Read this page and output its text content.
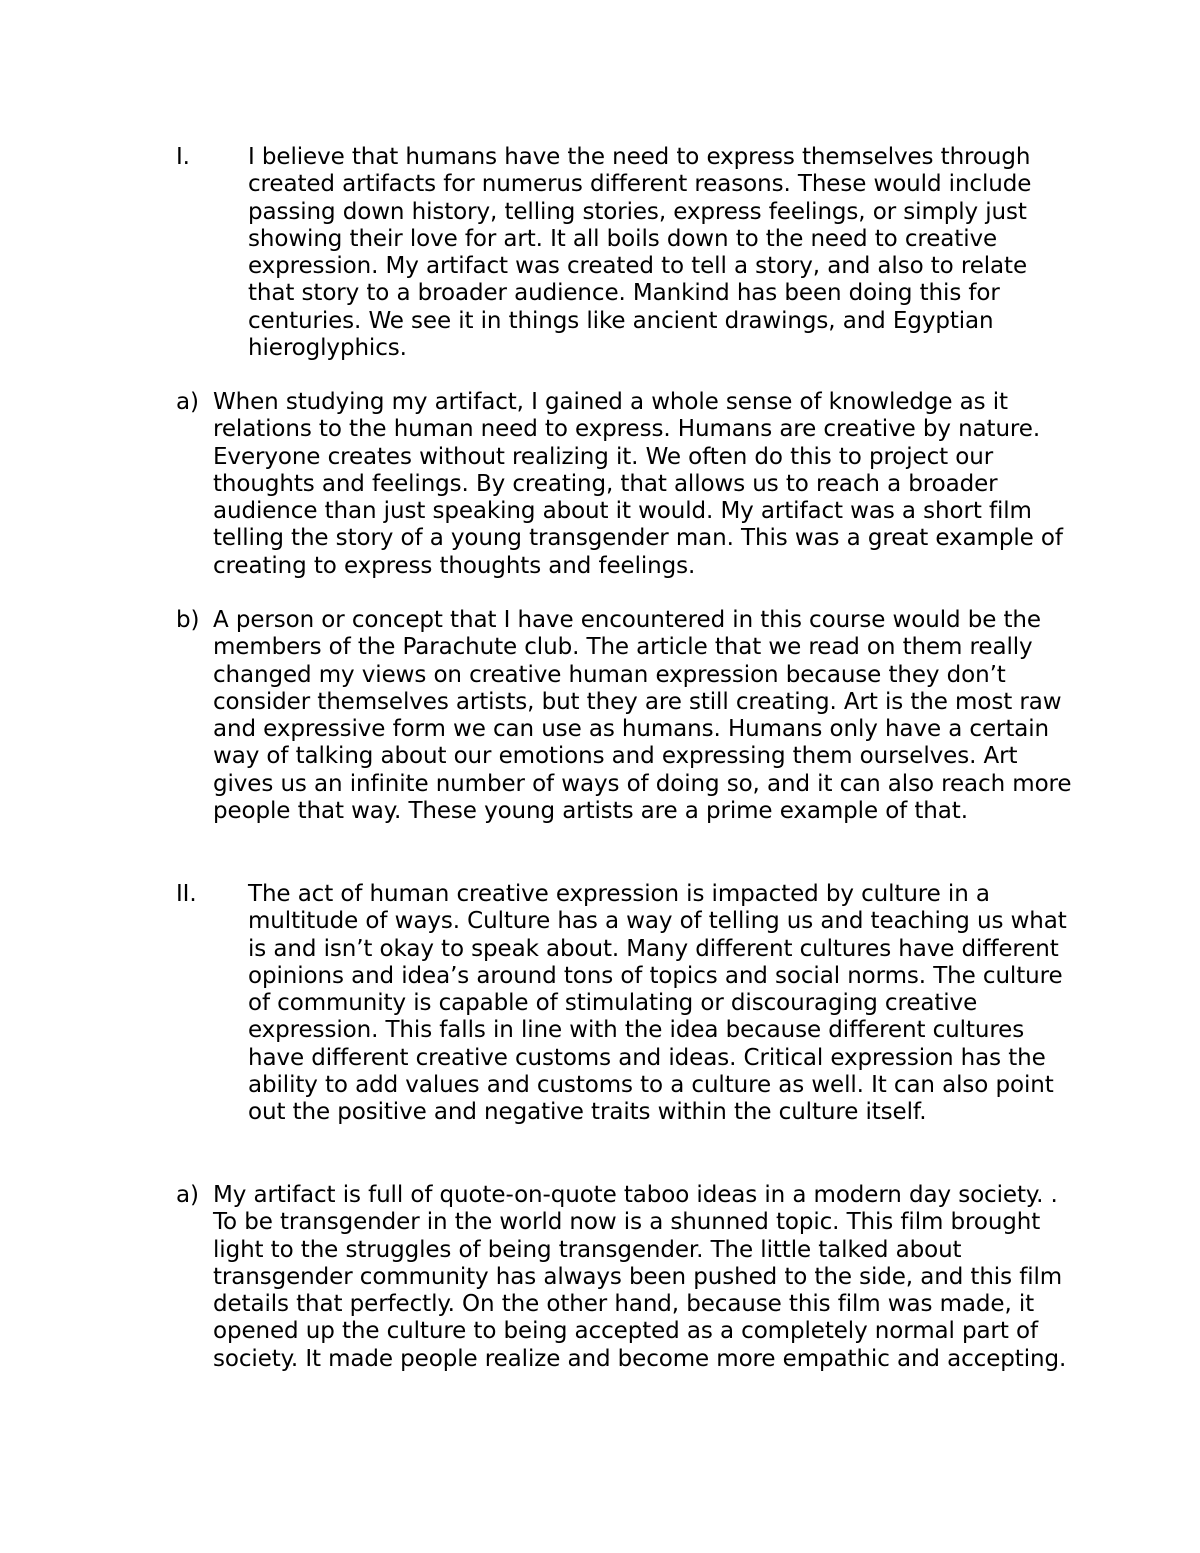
I.	I believe that humans have the need to express themselves through created artifacts for numerus different reasons. These would include passing down history, telling stories, express feelings, or simply just showing their love for art. It all boils down to the need to creative expression. My artifact was created to tell a story, and also to relate that story to a broader audience. Mankind has been doing this for centuries. We see it in things like ancient drawings, and Egyptian hieroglyphics.
a) When studying my artifact, I gained a whole sense of knowledge as it relations to the human need to express. Humans are creative by nature. Everyone creates without realizing it. We often do this to project our thoughts and feelings. By creating, that allows us to reach a broader audience than just speaking about it would. My artifact was a short film telling the story of a young transgender man. This was a great example of creating to express thoughts and feelings.
b) A person or concept that I have encountered in this course would be the members of the Parachute club. The article that we read on them really changed my views on creative human expression because they don’t consider themselves artists, but they are still creating. Art is the most raw and expressive form we can use as humans. Humans only have a certain way of talking about our emotions and expressing them ourselves. Art gives us an infinite number of ways of doing so, and it can also reach more people that way. These young artists are a prime example of that.
II. The act of human creative expression is impacted by culture in a multitude of ways. Culture has a way of telling us and teaching us what is and isn’t okay to speak about. Many different cultures have different opinions and idea’s around tons of topics and social norms. The culture of community is capable of stimulating or discouraging creative expression. This falls in line with the idea because different cultures have different creative customs and ideas. Critical expression has the ability to add values and customs to a culture as well. It can also point out the positive and negative traits within the culture itself.
a) My artifact is full of quote-on-quote taboo ideas in a modern day society. . To be transgender in the world now is a shunned topic. This film brought light to the struggles of being transgender. The little talked about transgender community has always been pushed to the side, and this film details that perfectly. On the other hand, because this film was made, it opened up the culture to being accepted as a completely normal part of society. It made people realize and become more empathic and accepting.
